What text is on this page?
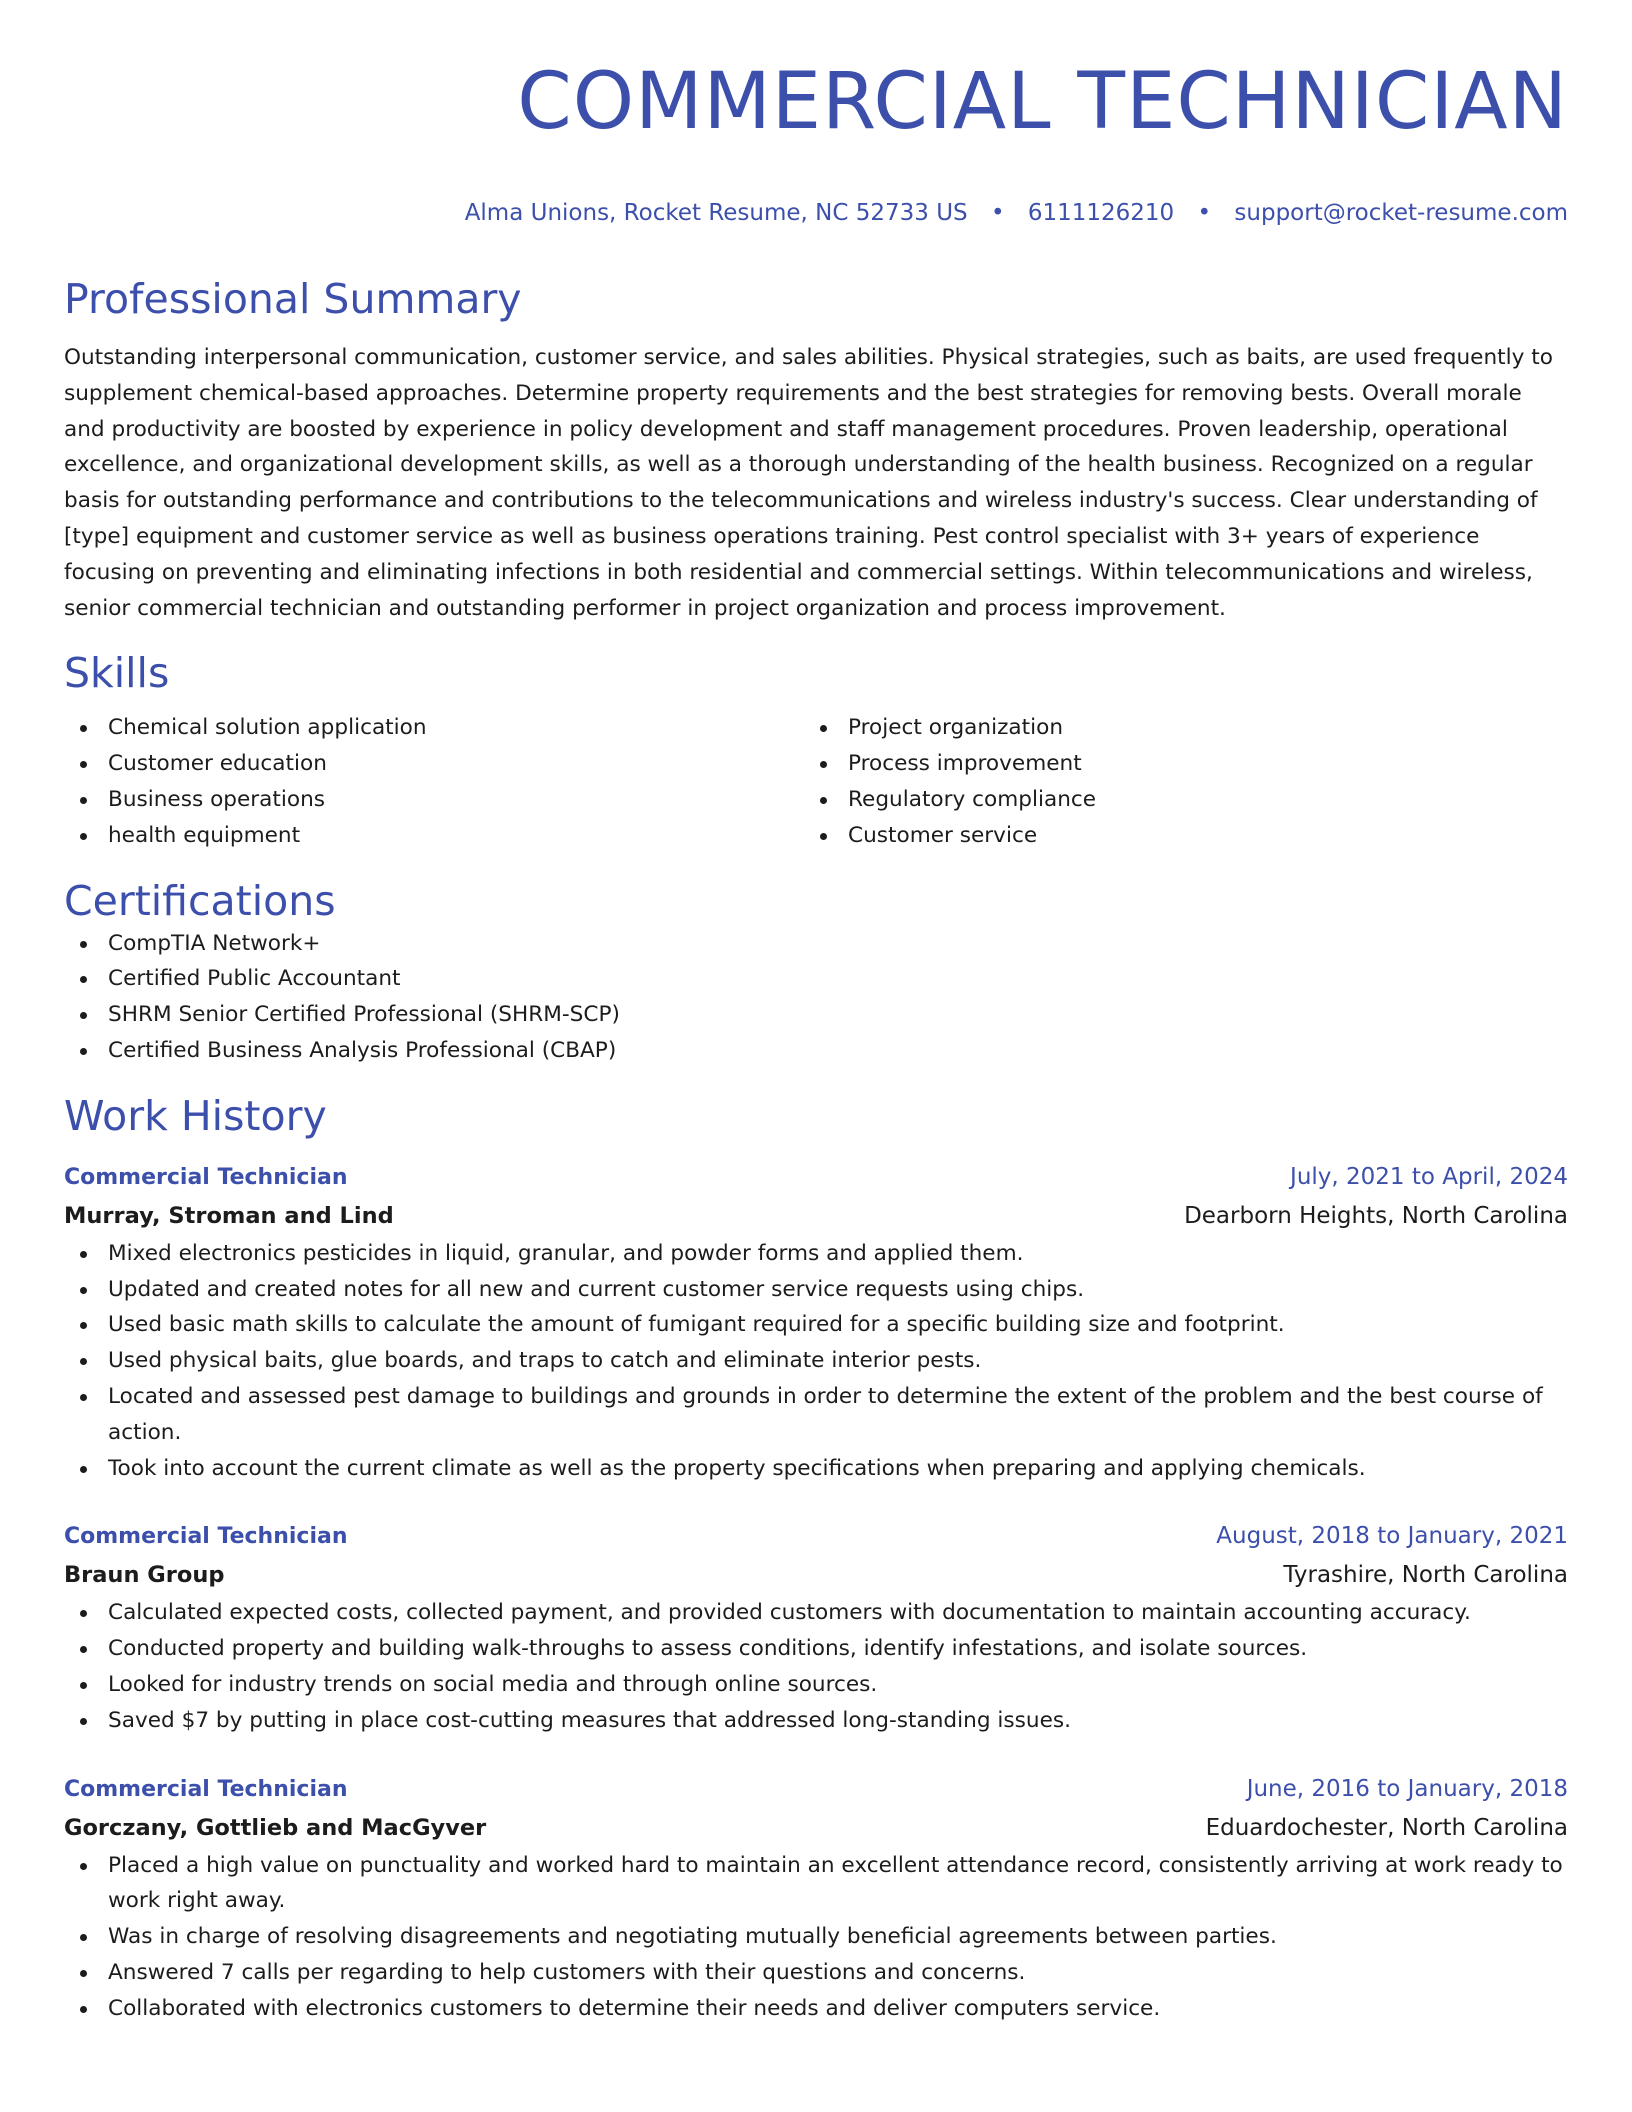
COMMERCIAL TECHNICIAN
Alma Unions, Rocket Resume, NC 52733 US • 6111126210 • support@rocket-resume.com
Professional Summary

Outstanding interpersonal communication, customer service, and sales abilities. Physical strategies, such as baits, are used frequently to supplement chemical-based approaches. Determine property requirements and the best strategies for removing bests. Overall morale and productivity are boosted by experience in policy development and staff management procedures. Proven leadership, operational excellence, and organizational development skills, as well as a thorough understanding of the health business. Recognized on a regular basis for outstanding performance and contributions to the telecommunications and wireless industry's success. Clear understanding of [type] equipment and customer service as well as business operations training. Pest control specialist with 3+ years of experience focusing on preventing and eliminating infections in both residential and commercial settings. Within telecommunications and wireless, senior commercial technician and outstanding performer in project organization and process improvement.

Skills
Chemical solution application
Customer education
Business operations
health equipment
Project organization
Process improvement
Regulatory compliance
Customer service
Certifications
CompTIA Network+
Certified Public Accountant
SHRM Senior Certified Professional (SHRM-SCP)
Certified Business Analysis Professional (CBAP)
Work History
Commercial Technician	July, 2021 to April, 2024
Murray, Stroman and Lind	Dearborn Heights, North Carolina
Mixed electronics pesticides in liquid, granular, and powder forms and applied them.
Updated and created notes for all new and current customer service requests using chips.
Used basic math skills to calculate the amount of fumigant required for a specific building size and footprint.
Used physical baits, glue boards, and traps to catch and eliminate interior pests.
Located and assessed pest damage to buildings and grounds in order to determine the extent of the problem and the best course of action.
Took into account the current climate as well as the property specifications when preparing and applying chemicals.
Commercial Technician	August, 2018 to January, 2021
Braun Group	Tyrashire, North Carolina
Calculated expected costs, collected payment, and provided customers with documentation to maintain accounting accuracy.
Conducted property and building walk-throughs to assess conditions, identify infestations, and isolate sources.
Looked for industry trends on social media and through online sources.
Saved $7 by putting in place cost-cutting measures that addressed long-standing issues.
Commercial Technician	June, 2016 to January, 2018
Gorczany, Gottlieb and MacGyver	Eduardochester, North Carolina
Placed a high value on punctuality and worked hard to maintain an excellent attendance record, consistently arriving at work ready to work right away.
Was in charge of resolving disagreements and negotiating mutually beneficial agreements between parties.
Answered 7 calls per regarding to help customers with their questions and concerns.
Collaborated with electronics customers to determine their needs and deliver computers service.
